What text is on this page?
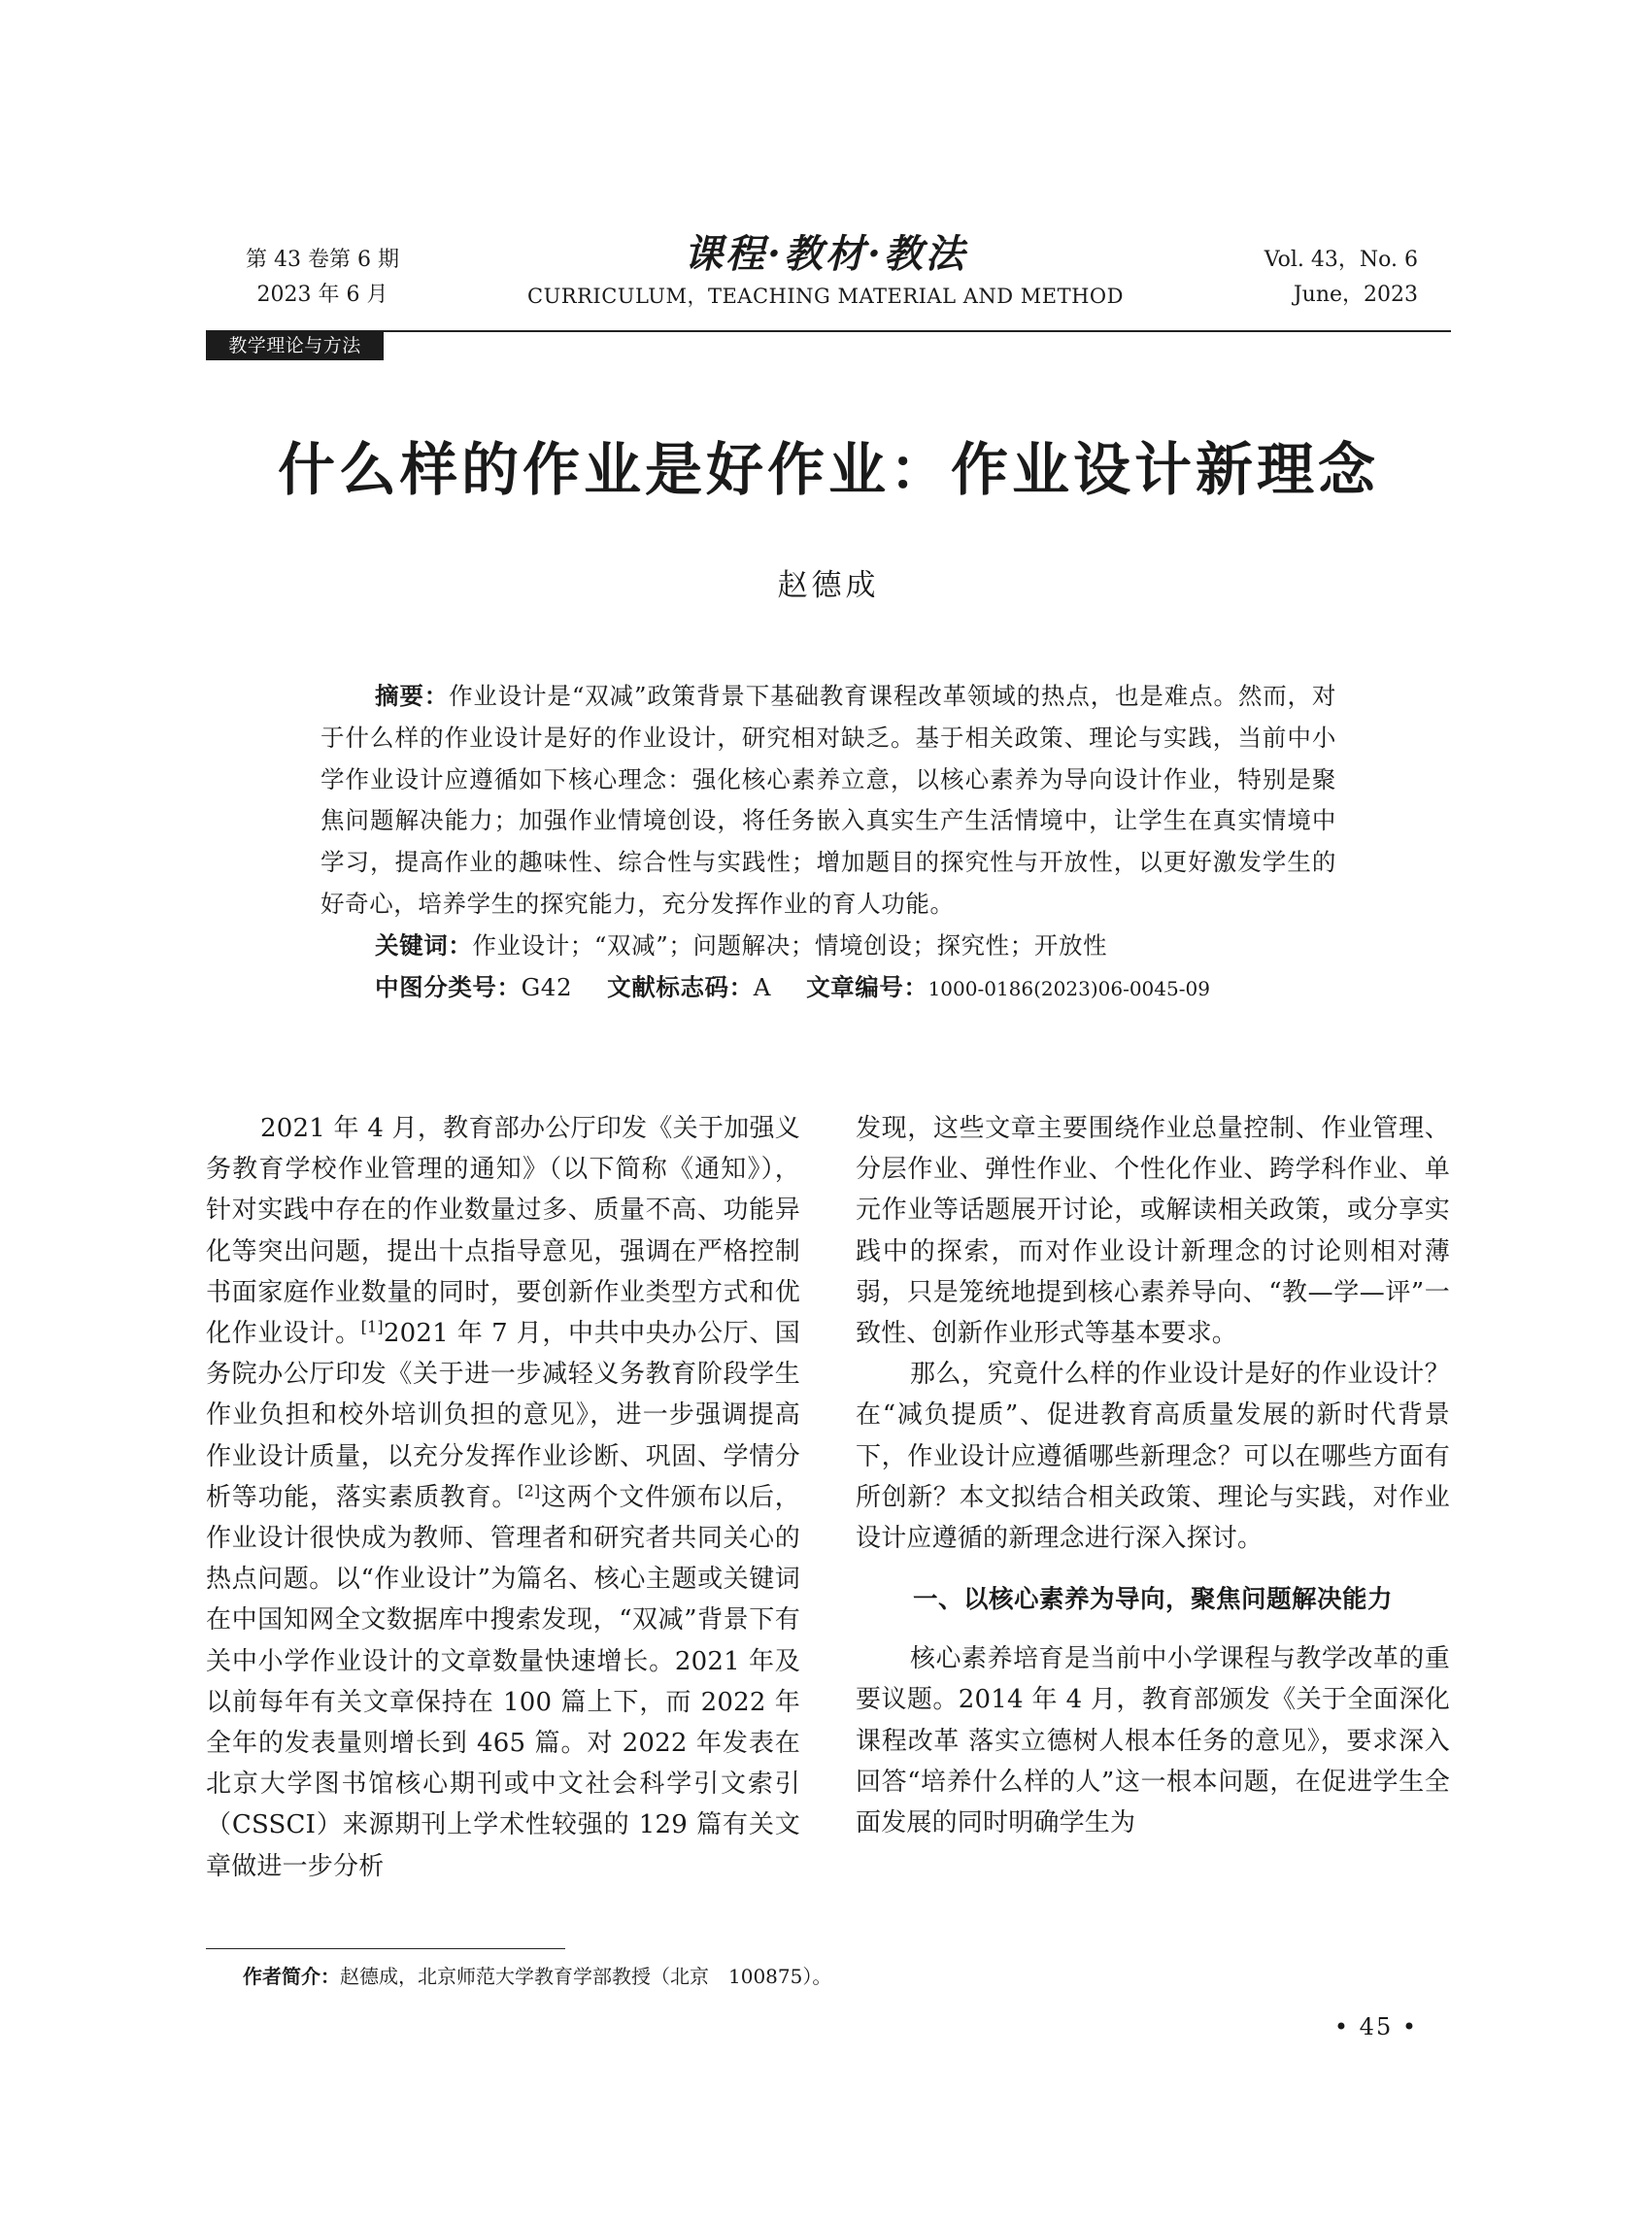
第 43 卷第 6 期
2023 年 6 月
课程·教材·教法
CURRICULUM，TEACHING MATERIAL AND METHOD
Vol. 43，No. 6
June，2023
教学理论与方法
什么样的作业是好作业：作业设计新理念
赵德成

摘要：作业设计是“双减”政策背景下基础教育课程改革领域的热点，也是难点。然而，对于什么样的作业设计是好的作业设计，研究相对缺乏。基于相关政策、理论与实践，当前中小学作业设计应遵循如下核心理念：强化核心素养立意，以核心素养为导向设计作业，特别是聚焦问题解决能力；加强作业情境创设，将任务嵌入真实生产生活情境中，让学生在真实情境中学习，提高作业的趣味性、综合性与实践性；增加题目的探究性与开放性，以更好激发学生的好奇心，培养学生的探究能力，充分发挥作业的育人功能。

关键词：作业设计；“双减”；问题解决；情境创设；探究性；开放性

中图分类号：G42 文献标志码：A 文章编号：1000-0186(2023)06-0045-09

2021 年 4 月，教育部办公厅印发《关于加强义务教育学校作业管理的通知》（以下简称《通知》），针对实践中存在的作业数量过多、质量不高、功能异化等突出问题，提出十点指导意见，强调在严格控制书面家庭作业数量的同时，要创新作业类型方式和优化作业设计。[1]2021 年 7 月，中共中央办公厅、国务院办公厅印发《关于进一步减轻义务教育阶段学生作业负担和校外培训负担的意见》，进一步强调提高作业设计质量，以充分发挥作业诊断、巩固、学情分析等功能，落实素质教育。[2]这两个文件颁布以后，作业设计很快成为教师、管理者和研究者共同关心的热点问题。以“作业设计”为篇名、核心主题或关键词在中国知网全文数据库中搜索发现，“双减”背景下有关中小学作业设计的文章数量快速增长。2021 年及以前每年有关文章保持在 100 篇上下，而 2022 年全年的发表量则增长到 465 篇。对 2022 年发表在北京大学图书馆核心期刊或中文社会科学引文索引（CSSCI）来源期刊上学术性较强的 129 篇有关文章做进一步分析

发现，这些文章主要围绕作业总量控制、作业管理、分层作业、弹性作业、个性化作业、跨学科作业、单元作业等话题展开讨论，或解读相关政策，或分享实践中的探索，而对作业设计新理念的讨论则相对薄弱，只是笼统地提到核心素养导向、“教—学—评”一致性、创新作业形式等基本要求。

那么，究竟什么样的作业设计是好的作业设计？在“减负提质”、促进教育高质量发展的新时代背景下，作业设计应遵循哪些新理念？可以在哪些方面有所创新？本文拟结合相关政策、理论与实践，对作业设计应遵循的新理念进行深入探讨。

一、以核心素养为导向，聚焦问题解决能力

核心素养培育是当前中小学课程与教学改革的重要议题。2014 年 4 月，教育部颁发《关于全面深化课程改革 落实立德树人根本任务的意见》，要求深入回答“培养什么样的人”这一根本问题，在促进学生全面发展的同时明确学生为

作者简介：赵德成，北京师范大学教育学部教授（北京　100875）。
• 45 •
